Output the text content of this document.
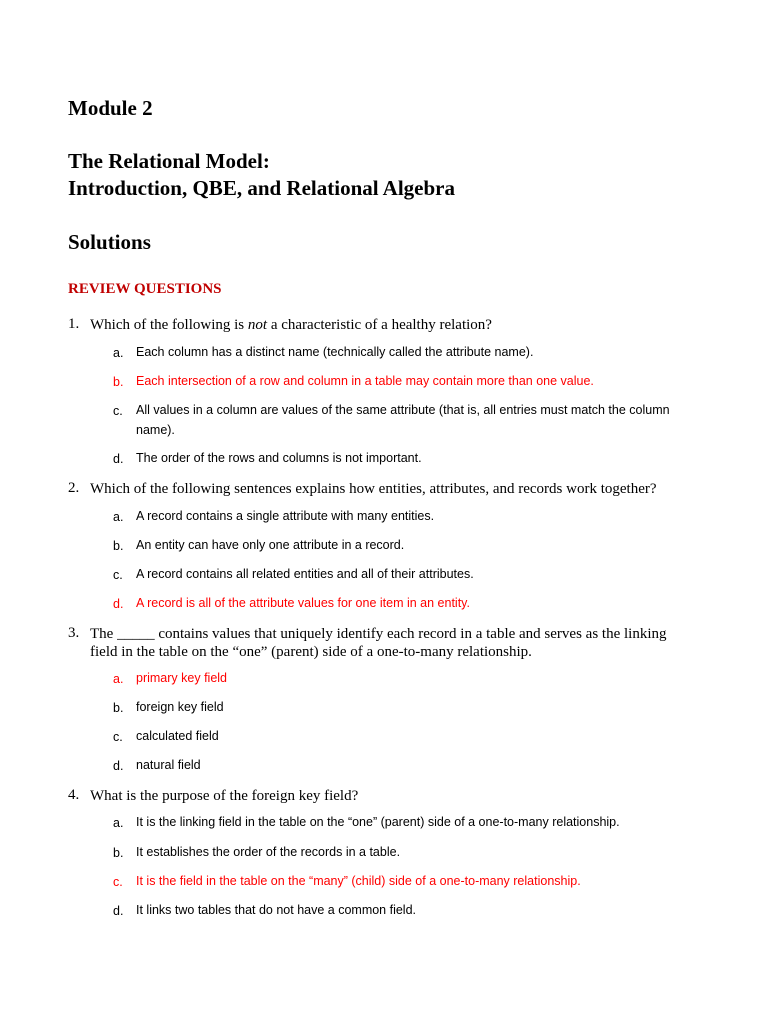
Module 2
The Relational Model:
Introduction, QBE, and Relational Algebra
Solutions
REVIEW QUESTIONS
1. Which of the following is not a characteristic of a healthy relation?
a. Each column has a distinct name (technically called the attribute name).
b. Each intersection of a row and column in a table may contain more than one value.
c. All values in a column are values of the same attribute (that is, all entries must match the column name).
d. The order of the rows and columns is not important.
2. Which of the following sentences explains how entities, attributes, and records work together?
a. A record contains a single attribute with many entities.
b. An entity can have only one attribute in a record.
c. A record contains all related entities and all of their attributes.
d. A record is all of the attribute values for one item in an entity.
3. The _____ contains values that uniquely identify each record in a table and serves as the linking field in the table on the “one” (parent) side of a one-to-many relationship.
a. primary key field
b. foreign key field
c. calculated field
d. natural field
4. What is the purpose of the foreign key field?
a. It is the linking field in the table on the “one” (parent) side of a one-to-many relationship.
b. It establishes the order of the records in a table.
c. It is the field in the table on the “many” (child) side of a one-to-many relationship.
d. It links two tables that do not have a common field.
